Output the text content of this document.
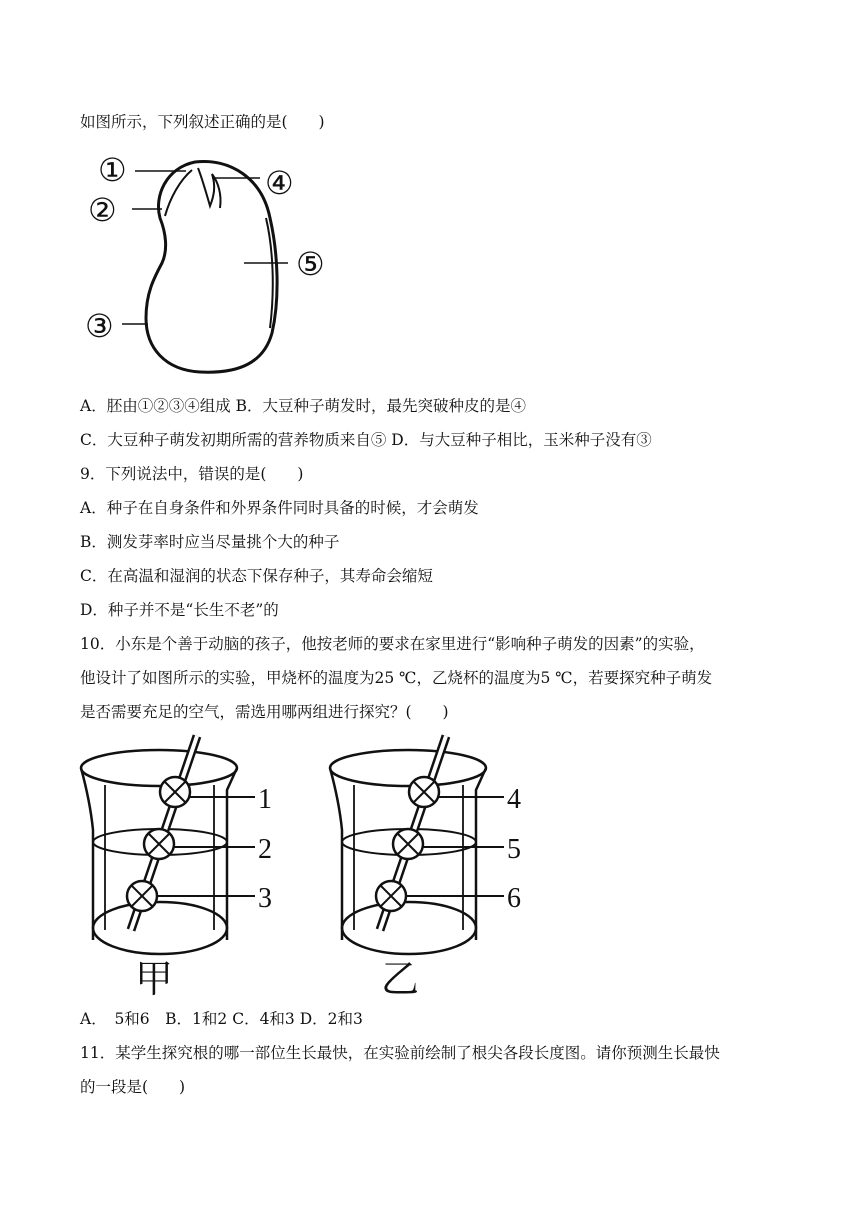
如图所示，下列叙述正确的是(　　)
①
②
③
④
⑤
A．胚由①②③④组成 B．大豆种子萌发时，最先突破种皮的是④
C．大豆种子萌发初期所需的营养物质来自⑤ D．与大豆种子相比，玉米种子没有③
9．下列说法中，错误的是(　　)
A．种子在自身条件和外界条件同时具备的时候，才会萌发
B．测发芽率时应当尽量挑个大的种子
C．在高温和湿润的状态下保存种子，其寿命会缩短
D．种子并不是“长生不老”的
10．小东是个善于动脑的孩子，他按老师的要求在家里进行“影响种子萌发的因素”的实验，
他设计了如图所示的实验，甲烧杯的温度为25 ℃，乙烧杯的温度为5 ℃，若要探究种子萌发
是否需要充足的空气，需选用哪两组进行探究？(　　)
1
2
3
4
5
6
甲	乙
A．　5和6　B．1和2 C．4和3 D．2和3
11．某学生探究根的哪一部位生长最快，在实验前绘制了根尖各段长度图。请你预测生长最快
的一段是(　　)
